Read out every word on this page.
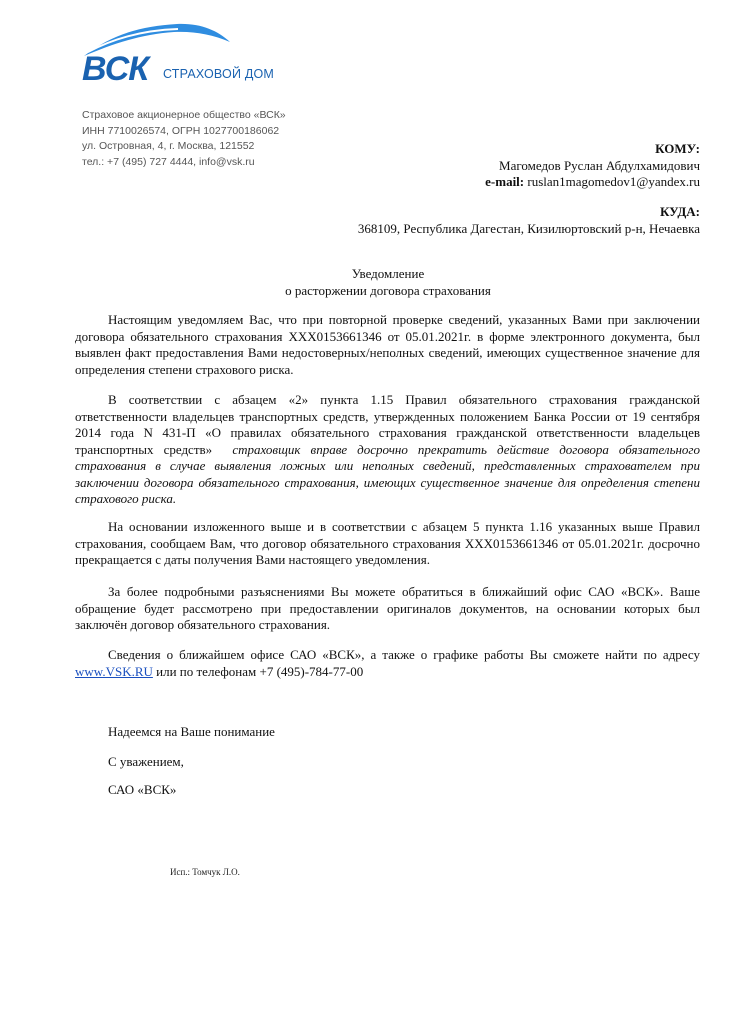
ВСК СТРАХОВОЙ ДОМ
Страховое акционерное общество «ВСК»
ИНН 7710026574, ОГРН 1027700186062
ул. Островная, 4, г. Москва, 121552
тел.: +7 (495) 727 4444, info@vsk.ru
КОМУ:
Магомедов Руслан Абдулхамидович
e-mail: ruslan1magomedov1@yandex.ru
КУДА:
368109, Республика Дагестан, Кизилюртовский р-н, Нечаевка
Уведомление
о расторжении договора страхования

Настоящим уведомляем Вас, что при повторной проверке сведений, указанных Вами при заключении договора обязательного страхования ХХХ0153661346 от 05.01.2021г. в форме электронного документа, был выявлен факт предоставления Вами недостоверных/неполных сведений, имеющих существенное значение для определения степени страхового риска.

В соответствии с абзацем «2» пункта 1.15 Правил обязательного страхования гражданской ответственности владельцев транспортных средств, утвержденных положением Банка России от 19 сентября 2014 года N 431-П «О правилах обязательного страхования гражданской ответственности владельцев транспортных средств» страховщик вправе досрочно прекратить действие договора обязательного страхования в случае выявления ложных или неполных сведений, представленных страхователем при заключении договора обязательного страхования, имеющих существенное значение для определения степени страхового риска.

На основании изложенного выше и в соответствии с абзацем 5 пункта 1.16 указанных выше Правил страхования, сообщаем Вам, что договор обязательного страхования ХХХ0153661346 от 05.01.2021г. досрочно прекращается с даты получения Вами настоящего уведомления.

За более подробными разъяснениями Вы можете обратиться в ближайший офис САО «ВСК». Ваше обращение будет рассмотрено при предоставлении оригиналов документов, на основании которых был заключён договор обязательного страхования.

Сведения о ближайшем офисе САО «ВСК», а также о графике работы Вы сможете найти по адресу www.VSK.RU или по телефонам +7 (495)-784-77-00

Надеемся на Ваше понимание
С уважением,
САО «ВСК»
Исп.: Томчук Л.О.
